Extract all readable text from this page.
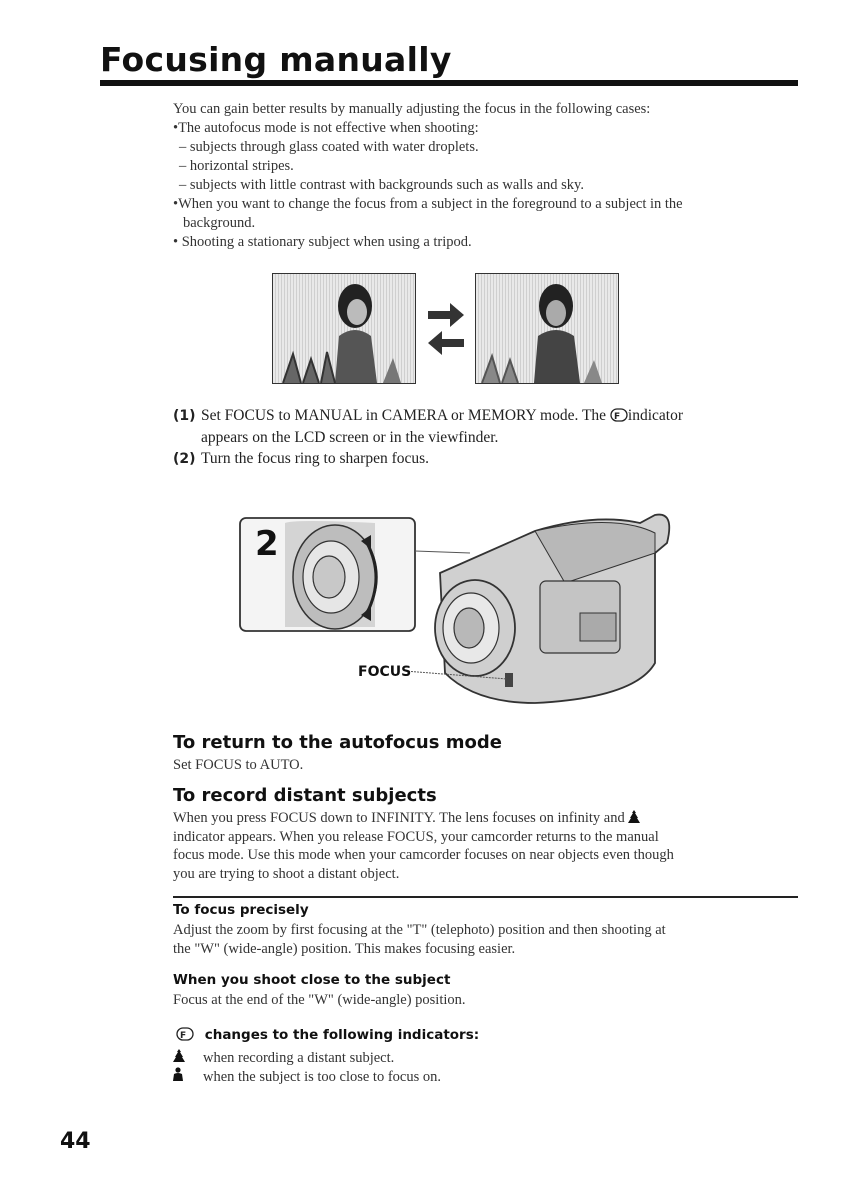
Focusing manually
You can gain better results by manually adjusting the focus in the following cases:
•The autofocus mode is not effective when shooting:
– subjects through glass coated with water droplets.
– horizontal stripes.
– subjects with little contrast with backgrounds such as walls and sky.
•When you want to change the focus from a subject in the foreground to a subject in the
background.
• Shooting a stationary subject when using a tripod.
(1) Set FOCUS to MANUAL in CAMERA or MEMORY mode. The F indicator
appears on the LCD screen or in the viewfinder.
(2) Turn the focus ring to sharpen focus.
2
FOCUS
To return to the autofocus mode
Set FOCUS to AUTO.
To record distant subjects
When you press FOCUS down to INFINITY. The lens focuses on infinity and
indicator appears. When you release FOCUS, your camcorder returns to the manual
focus mode. Use this mode when your camcorder focuses on near objects even though
you are trying to shoot a distant object.
To focus precisely
Adjust the zoom by first focusing at the "T" (telephoto) position and then shooting at
the "W" (wide-angle) position. This makes focusing easier.
When you shoot close to the subject
Focus at the end of the "W" (wide-angle) position.
F changes to the following indicators:
when recording a distant subject.
when the subject is too close to focus on.
44
